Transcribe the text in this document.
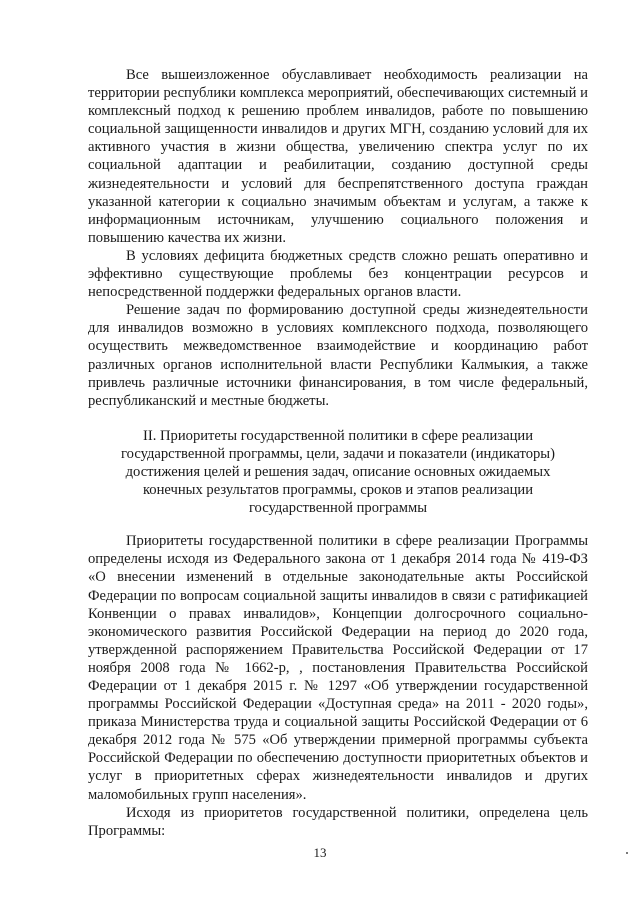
Все вышеизложенное обуславливает необходимость реализации на территории республики комплекса мероприятий, обеспечивающих системный и комплексный подход к решению проблем инвалидов, работе по повышению социальной защищенности инвалидов и других МГН, созданию условий для их активного участия в жизни общества, увеличению спектра услуг по их социальной адаптации и реабилитации, созданию доступной среды жизнедеятельности и условий для беспрепятственного доступа граждан указанной категории к социально значимым объектам и услугам, а также к информационным источникам, улучшению социального положения и повышению качества их жизни.

В условиях дефицита бюджетных средств сложно решать оперативно и эффективно существующие проблемы без концентрации ресурсов и непосредственной поддержки федеральных органов власти.

Решение задач по формированию доступной среды жизнедеятельности для инвалидов возможно в условиях комплексного подхода, позволяющего осуществить межведомственное взаимодействие и координацию работ различных органов исполнительной власти Республики Калмыкия, а также привлечь различные источники финансирования, в том числе федеральный, республиканский и местные бюджеты.

II. Приоритеты государственной политики в сфере реализации государственной программы, цели, задачи и показатели (индикаторы) достижения целей и решения задач, описание основных ожидаемых конечных результатов программы, сроков и этапов реализации государственной программы

Приоритеты государственной политики в сфере реализации Программы определены исходя из Федерального закона от 1 декабря 2014 года № 419-ФЗ «О внесении изменений в отдельные законодательные акты Российской Федерации по вопросам социальной защиты инвалидов в связи с ратификацией Конвенции о правах инвалидов», Концепции долгосрочного социально-экономического развития Российской Федерации на период до 2020 года, утвержденной распоряжением Правительства Российской Федерации от 17 ноября 2008 года № 1662-р, , постановления Правительства Российской Федерации от 1 декабря 2015 г. № 1297 «Об утверждении государственной программы Российской Федерации «Доступная среда» на 2011 - 2020 годы», приказа Министерства труда и социальной защиты Российской Федерации от 6 декабря 2012 года № 575 «Об утверждении примерной программы субъекта Российской Федерации по обеспечению доступности приоритетных объектов и услуг в приоритетных сферах жизнедеятельности инвалидов и других маломобильных групп населения».

Исходя из приоритетов государственной политики, определена цель Программы:

13
